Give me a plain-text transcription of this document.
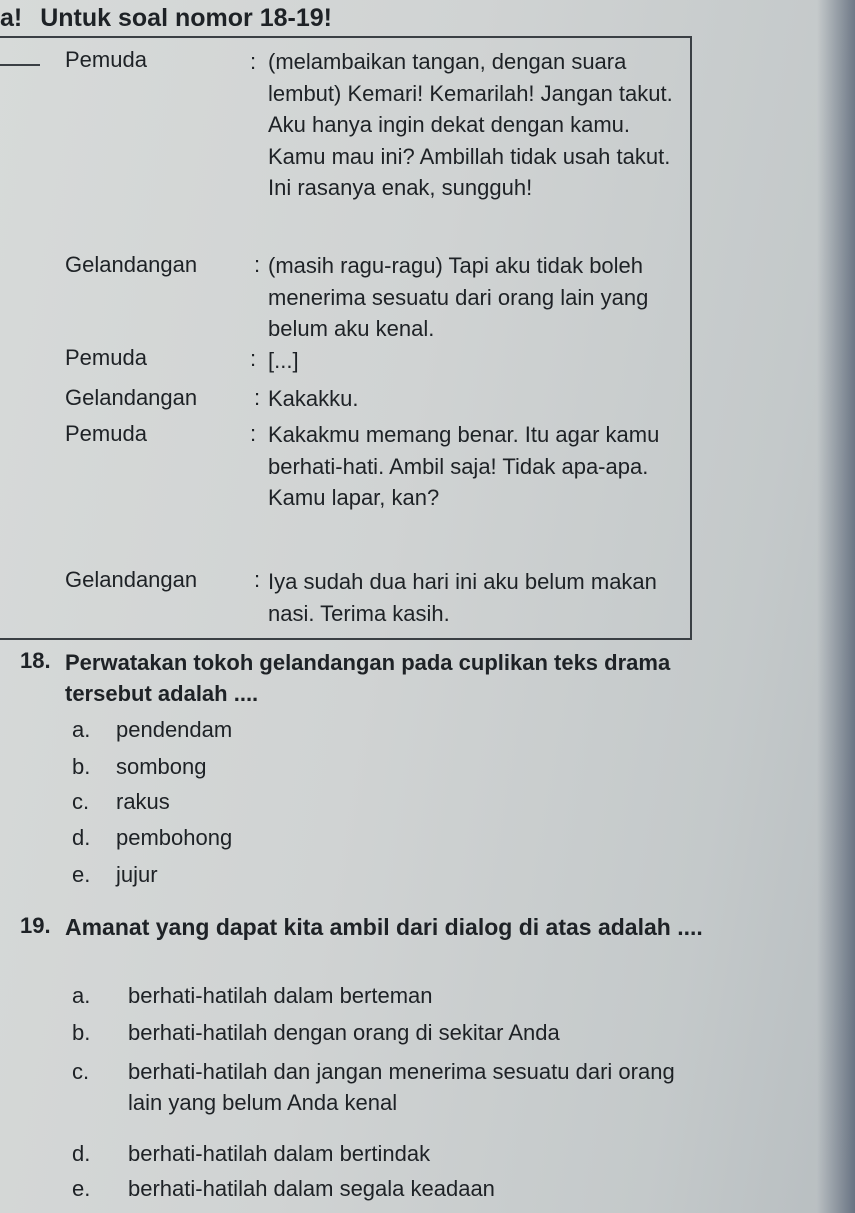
a! Untuk soal nomor 18-19!
Pemuda	: (melambaikan tangan, dengan suara lembut) Kemari! Kemarilah! Jangan takut. Aku hanya ingin dekat dengan kamu. Kamu mau ini? Ambillah tidak usah takut. Ini rasanya enak, sungguh!
Gelandangan	: (masih ragu-ragu) Tapi aku tidak boleh menerima sesuatu dari orang lain yang belum aku kenal.
Pemuda	: [...]
Gelandangan	: Kakakku.
Pemuda	: Kakakmu memang benar. Itu agar kamu berhati-hati. Ambil saja! Tidak apa-apa. Kamu lapar, kan?
Gelandangan	: Iya sudah dua hari ini aku belum makan nasi. Terima kasih.
18. Perwatakan tokoh gelandangan pada cuplikan teks drama tersebut adalah ....
a. pendendam
b. sombong
c. rakus
d. pembohong
e. jujur
19. Amanat yang dapat kita ambil dari dialog di atas adalah ....
a. berhati-hatilah dalam berteman
b. berhati-hatilah dengan orang di sekitar Anda
c.	berhati-hatilah dan jangan menerima sesuatu dari orang lain yang belum Anda kenal
d. berhati-hatilah dalam bertindak
e. berhati-hatilah dalam segala keadaan
